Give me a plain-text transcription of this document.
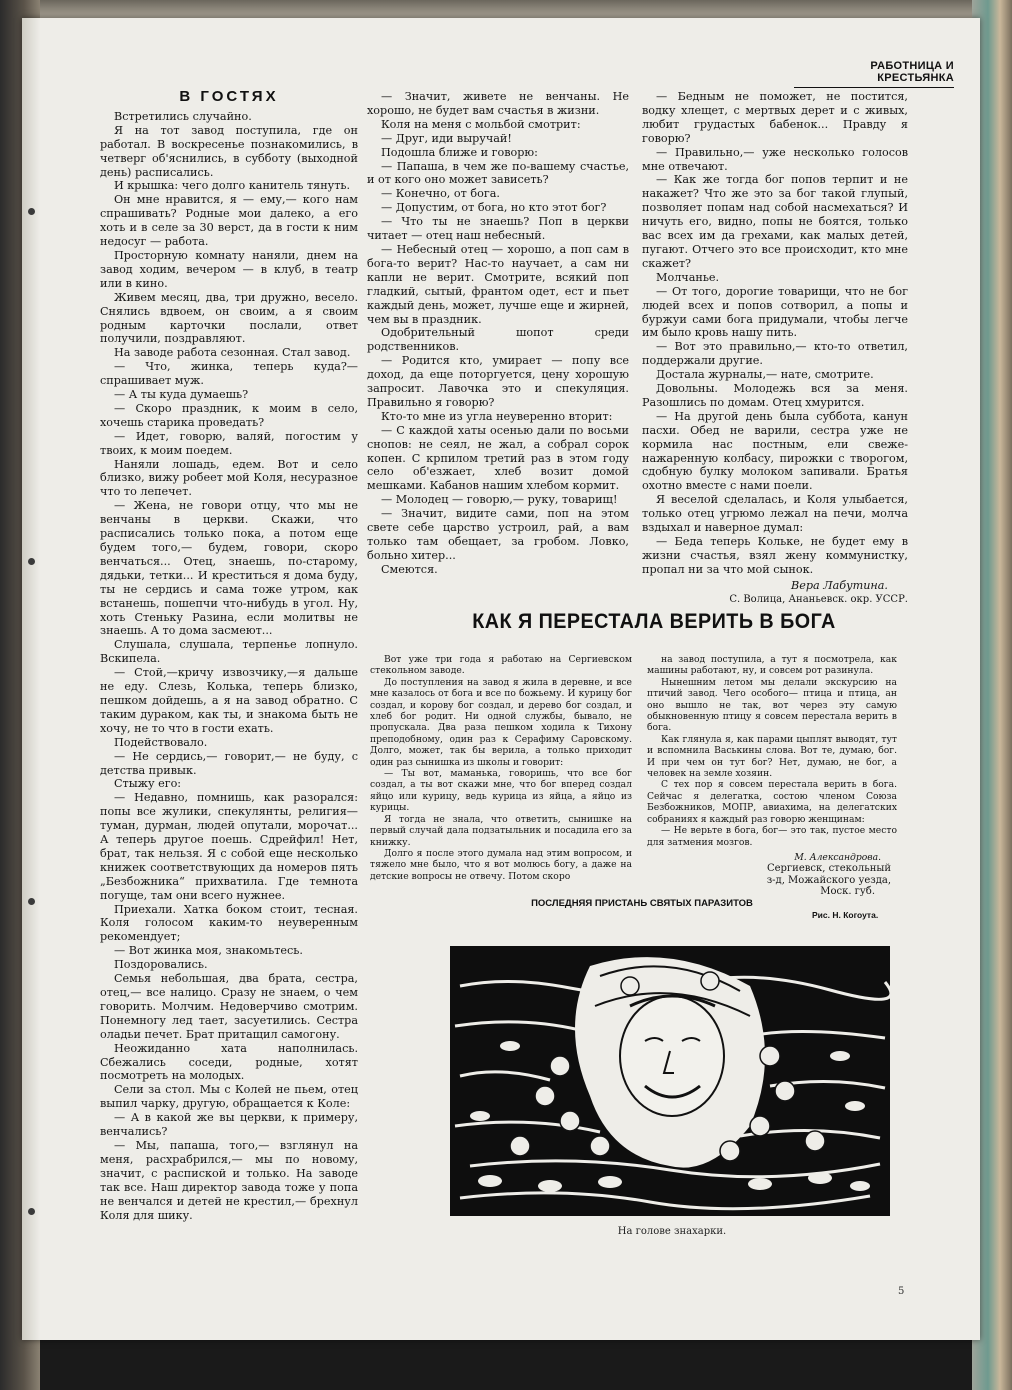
РАБОТНИЦА И КРЕСТЬЯНКА
В ГОСТЯХ

Встретились случайно.

Я на тот завод поступила, где он работал. В воскресенье познакомились, в четверг об'яснились, в субботу (выходной день) расписались.

И крышка: чего долго канитель тянуть.

Он мне нравится, я — ему,— кого нам спрашивать? Родные мои далеко, а его хоть и в селе за 30 верст, да в гости к ним недосуг — работа.

Просторную комнату наняли, днем на завод ходим, вечером — в клуб, в театр или в кино.

Живем месяц, два, три дружно, весело. Снялись вдвоем, он своим, а я своим родным карточки послали, ответ получили, поздравляют.

На заводе работа сезонная. Стал завод.

— Что, жинка, теперь куда?— спрашивает муж.

— А ты куда думаешь?

— Скоро праздник, к моим в село, хочешь старика проведать?

— Идет, говорю, валяй, погостим у твоих, к моим поедем.

Наняли лошадь, едем. Вот и село близко, вижу робеет мой Коля, несуразное что то лепечет.

— Жена, не говори отцу, что мы не венчаны в церкви. Скажи, что расписались только пока, а потом еще будем того,— будем, говори, скоро венчаться... Отец, знаешь, по-старому, дядьки, тетки... И креститься я дома буду, ты не сердись и сама тоже утром, как встанешь, пошепчи что-нибудь в угол. Ну, хоть Стеньку Разина, если молитвы не знаешь. А то дома засмеют...

Слушала, слушала, терпенье лопнуло. Вскипела.

— Стой,—кричу извозчику,—я дальше не еду. Слезь, Колька, теперь близко, пешком дойдешь, а я на завод обратно. С таким дураком, как ты, и знакома быть не хочу, не то что в гости ехать.

Подействовало.

— Не сердись,— говорит,— не буду, с детства привык.

Стыжу его:

— Недавно, помнишь, как разорался: попы все жулики, спекулянты, религия— туман, дурман, людей опутали, морочат... А теперь другое поешь. Сдрейфил! Нет, брат, так нельзя. Я с собой еще несколько книжек соответствующих да номеров пять „Безбожника“ прихватила. Где темнота погуще, там они всего нужнее.

Приехали. Хатка боком стоит, тесная. Коля голосом каким-то неуверенным рекомендует;

— Вот жинка моя, знакомьтесь.

Поздоровались.

Семья небольшая, два брата, сестра, отец,— все налицо. Сразу не знаем, о чем говорить. Молчим. Недоверчиво смотрим. Понемногу лед тает, засуетились. Сестра оладьи печет. Брат притащил самогону.

Неожиданно хата наполнилась. Сбежались соседи, родные, хотят посмотреть на молодых.

Сели за стол. Мы с Колей не пьем, отец выпил чарку, другую, обращается к Коле:

— А в какой же вы церкви, к примеру, венчались?

— Мы, папаша, того,— взглянул на меня, расхрабрился,— мы по новому, значит, с распиской и только. На заводе так все. Наш директор завода тоже у попа не венчался и детей не крестил,— брехнул Коля для шику.

— Значит, живете не венчаны. Не хорошо, не будет вам счастья в жизни.

Коля на меня с мольбой смотрит:

— Друг, иди выручай!

Подошла ближе и говорю:

— Папаша, в чем же по-вашему счастье, и от кого оно может зависеть?

— Конечно, от бога.

— Допустим, от бога, но кто этот бог?

— Что ты не знаешь? Поп в церкви читает — отец наш небесный.

— Небесный отец — хорошо, а поп сам в бога-то верит? Нас-то научает, а сам ни капли не верит. Смотрите, всякий поп гладкий, сытый, франтом одет, ест и пьет каждый день, может, лучше еще и жирней, чем вы в праздник.

Одобрительный шопот среди родственников.

— Родится кто, умирает — попу все доход, да еще поторгуется, цену хорошую запросит. Лавочка это и спекуляция. Правильно я говорю?

Кто-то мне из угла неуверенно вторит:

— С каждой хаты осенью дали по восьми снопов: не сеял, не жал, а собрал сорок копен. С крпилом третий раз в этом году село об'езжает, хлеб возит домой мешками. Кабанов нашим хлебом кормит.

— Молодец — говорю,— руку, товарищ!

— Значит, видите сами, поп на этом свете себе царство устроил, рай, а вам только там обещает, за гробом. Ловко, больно хитер...

Смеются.

— Бедным не поможет, не постится, водку хлещет, с мертвых дерет и с живых, любит грудастых бабенок... Правду я говорю?

— Правильно,— уже несколько голосов мне отвечают.

— Как же тогда бог попов терпит и не накажет? Что же это за бог такой глупый, позволяет попам над собой насмехаться? И ничуть его, видно, попы не боятся, только вас всех им да грехами, как малых детей, пугают. Отчего это все происходит, кто мне скажет?

Молчанье.

— От того, дорогие товарищи, что не бог людей всех и попов сотворил, а попы и буржуи сами бога придумали, чтобы легче им было кровь нашу пить.

— Вот это правильно,— кто-то ответил, поддержали другие.

Достала журналы,— нате, смотрите.

Довольны. Молодежь вся за меня. Разошлись по домам. Отец хмурится.

— На другой день была суббота, канун пасхи. Обед не варили, сестра уже не кормила нас постным, ели свеже-нажаренную колбасу, пирожки с творогом, сдобную булку молоком запивали. Братья охотно вместе с нами поели.

Я веселой сделалась, и Коля улыбается, только отец угрюмо лежал на печи, молча вздыхал и наверное думал:

— Беда теперь Кольке, не будет ему в жизни счастья, взял жену коммунистку, пропал ни за что мой сынок.

Вера Лабутина.
С. Волица, Ананьевск. окр. УССР.
КАК Я ПЕРЕСТАЛА ВЕРИТЬ В БОГА

Вот уже три года я работаю на Сергиевском стекольном заводе.

До поступления на завод я жила в деревне, и все мне казалось от бога и все по божьему. И курицу бог создал, и корову бог создал, и дерево бог создал, и хлеб бог родит. Ни одной службы, бывало, не пропускала. Два раза пешком ходила к Тихону преподобному, один раз к Серафиму Саровскому. Долго, может, так бы верила, а только приходит один раз сынишка из школы и говорит:

— Ты вот, маманька, говоришь, что все бог создал, а ты вот скажи мне, что бог вперед создал яйцо или курицу, ведь курица из яйца, а яйцо из курицы.

Я тогда не знала, что ответить, сынишке на первый случай дала подзатыльник и посадила его за книжку.

Долго я после этого думала над этим вопросом, и тяжело мне было, что я вот молюсь богу, а даже на детские вопросы не отвечу. Потом скоро

на завод поступила, а тут я посмотрела, как машины работают, ну, и совсем рот разинула.

Нынешним летом мы делали экскурсию на птичий завод. Чего особого— птица и птица, ан оно вышло не так, вот через эту самую обыкновенную птицу я совсем перестала верить в бога.

Как глянула я, как парами цыплят выводят, тут и вспомнила Васькины слова. Вот те, думаю, бог. И при чем он тут бог? Нет, думаю, не бог, а человек на земле хозяин.

С тех пор я совсем перестала верить в бога. Сейчас я делегатка, состою членом Союза Безбожников, МОПР, авиахима, на делегатских собраниях я каждый раз говорю женщинам:

— Не верьте в бога, бог— это так, пустое место для затмения мозгов.

М. Александрова.
Сергиевск, стекольный
з-д, Можайского уезда,
Моск. губ.
ПОСЛЕДНЯЯ ПРИСТАНЬ СВЯТЫХ ПАРАЗИТОВ
Рис. Н. Когоута.
На голове знахарки.
5
